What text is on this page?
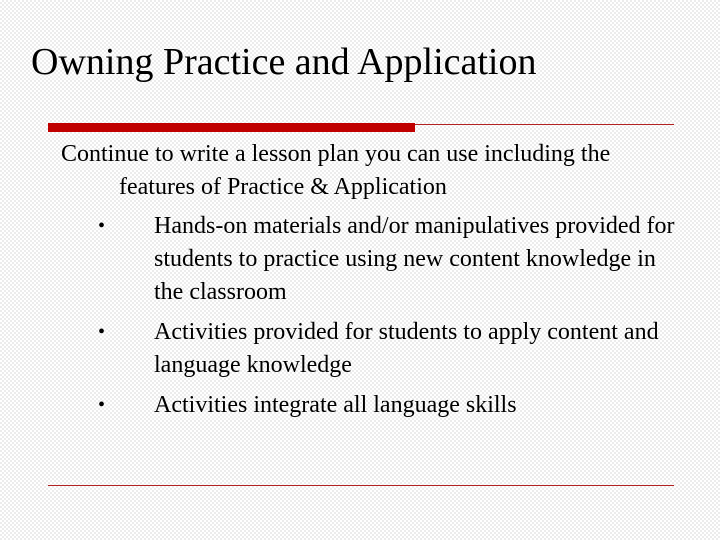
Owning Practice and Application

Continue to write a lesson plan you can use including the features of Practice & Application

• Hands-on materials and/or manipulatives provided for students to practice using new content knowledge in the classroom
• Activities provided for students to apply content and language knowledge
• Activities integrate all language skills
